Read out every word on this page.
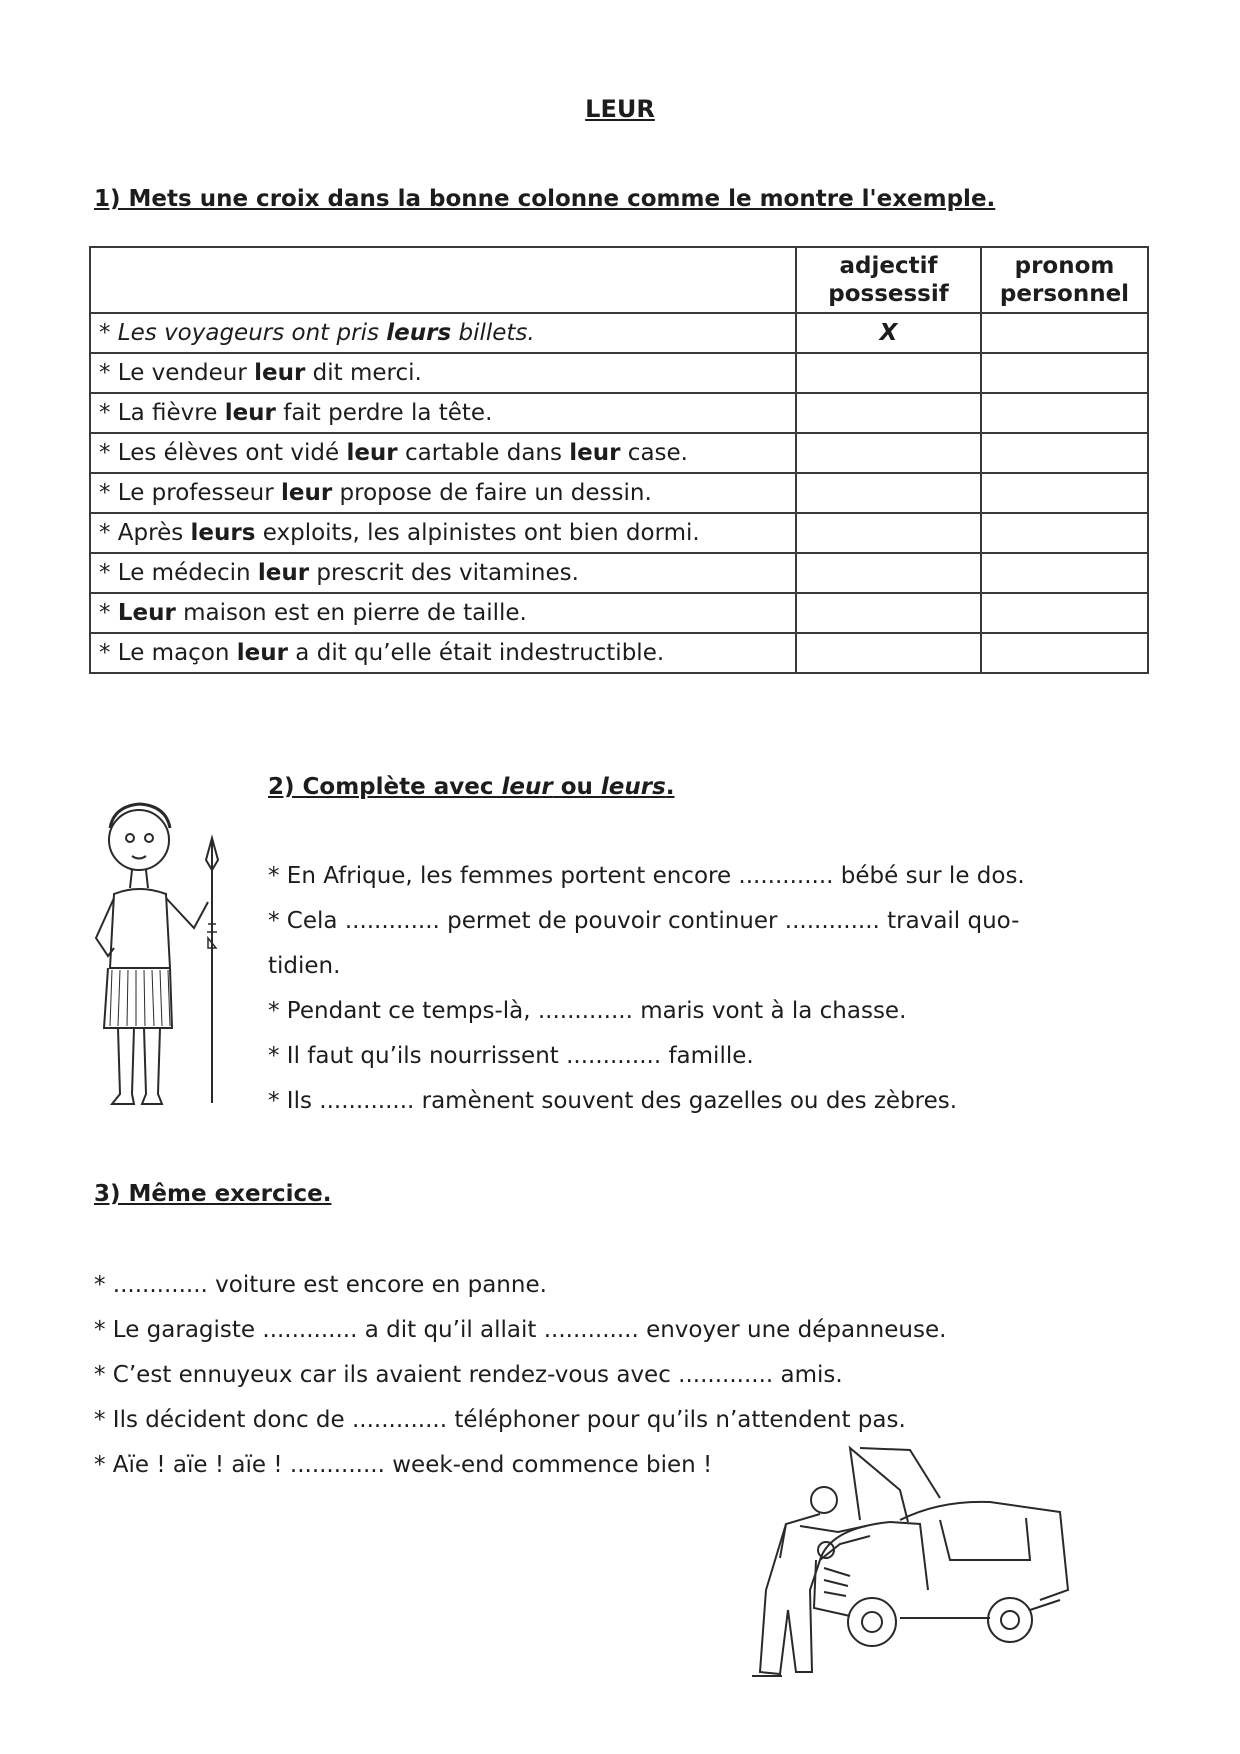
LEUR
1) Mets une croix dans la bonne colonne comme le montre l'exemple.
	adjectif possessif	pronom personnel
* Les voyageurs ont pris leurs billets.	X	
* Le vendeur leur dit merci.		
* La fièvre leur fait perdre la tête.		
* Les élèves ont vidé leur cartable dans leur case.		
* Le professeur leur propose de faire un dessin.		
* Après leurs exploits, les alpinistes ont bien dormi.		
* Le médecin leur prescrit des vitamines.		
* Leur maison est en pierre de taille.		
* Le maçon leur a dit qu’elle était indestructible.		
2) Complète avec leur ou leurs.
* En Afrique, les femmes portent encore ............. bébé sur le dos.
* Cela ............. permet de pouvoir continuer ............. travail quo-
tidien.
* Pendant ce temps-là, ............. maris vont à la chasse.
* Il faut qu’ils nourrissent ............. famille.
* Ils ............. ramènent souvent des gazelles ou des zèbres.
3) Même exercice.
* ............. voiture est encore en panne.
* Le garagiste ............. a dit qu’il allait ............. envoyer une dépanneuse.
* C’est ennuyeux car ils avaient rendez-vous avec ............. amis.
* Ils décident donc de ............. téléphoner pour qu’ils n’attendent pas.
* Aïe ! aïe ! aïe ! ............. week-end commence bien !
